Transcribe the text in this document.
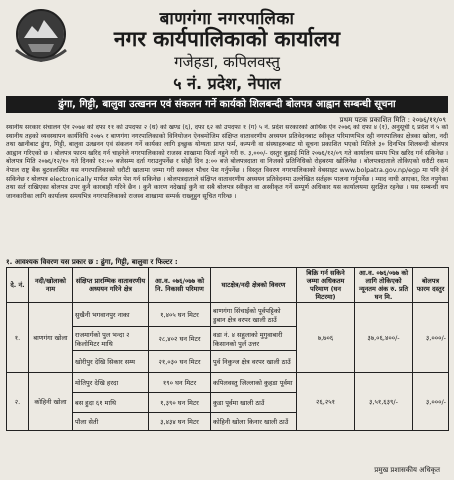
बाणगंगा नगरपालिका
नगर कार्यपालिकाको कार्यालय
गजेहडा, कपिलवस्तु
५ नं. प्रदेश, नेपाल
ढुंगा, गिट्टी, बालुवा उत्खनन एवं संकलन गर्ने कार्यको शिलबन्दी बोलपत्र आह्वान सम्बन्धी सूचना
प्रथम पटक प्रकाशित मिति : २०७६/११/०९
स्थानीय सरकार संचालन ऐन २०७४ को दफा ११ को उपदफा २ (ध) को खण्ड (६), दफा ६२ को उपदफा १ (ग) ५ नं. प्रदेश सरकारको आर्थिक ऐन २०७६ को दफा ४ (१), अनुसूची ६ प्रदेश नं ५ को स्थानीय तहको व्यवस्थापन कार्यविधि २०७५ र बाणगंगा नगरपालिकाको विनियोजन ऐनबमोजिम संक्षिप्त वातावरणीय अध्ययन प्रतिवेदनबाट स्वीकृत परिमाणभित्र रही नगरपालिका क्षेत्रका खोला, नदी तथा खानीबाट ढुंगा, गिट्टी, बालुवा उत्खनन एवं संकलन गर्ने कार्यका लागि इच्छुक योग्यता प्राप्त फर्म, कम्पनी वा संस्थाहरूबाट यो सूचना प्रकाशित भएको मितिले ३० दिनभित्र शिलबन्दी बोलपत्र आह्वान गरिएको छ । बोलपत्र फारम खरिद गर्न चाहनेले नगरपालिकाको राजस्व शाखामा फिर्ता नहुने गरी रु. ३,०००/- दस्तुर बुझाई मिति २०७६/१२/०९ गते कार्यालय समय भित्र खरिद गर्न सकिनेछ । बोलपत्र मिति २०७६/१२/१० गते दिनको १२:०० बजेसम्म दर्ता गराउनुपर्नेछ र सोही दिन ३:०० बजे बोलपत्रदाता वा निजको प्रतिनिधिको रोहबरमा खोलिनेछ । बोलपत्रदाताले तोकिएको धरौटी रकम नेपाल राष्ट्र बैंक बुटवलस्थित यस नगरपालिकाको धरौटी खातामा जम्मा गरी सक्कल भौचर पेश गर्नुपर्नेछ । विस्तृत विवरण नगरपालिकाको वेबसाइट www.bolpatra.gov.np/egp मा पनि हेर्न सकिनेछ र बोलपत्र electronically मार्फत समेत पेश गर्न सकिनेछ । बोलपत्रदाताले संक्षिप्त वातावरणीय अध्ययन प्रतिवेदनमा उल्लेखित सर्तहरू पालना गर्नुपर्नेछ । म्याद नाघी आएका, रित नपुगेका तथा सर्त राखिएका बोलपत्र उपर कुनै कारबाही गरिने छैन । कुनै कारण नदेखाई कुनै वा सबै बोलपत्र स्वीकृत वा अस्वीकृत गर्ने सम्पूर्ण अधिकार यस कार्यालयमा सुरक्षित रहनेछ । यस सम्बन्धी थप जानकारीका लागि कार्यालय समयभित्र नगरपालिकाको राजस्व शाखामा सम्पर्क राख्नुहुन सूचित गरिन्छ ।
१. आवश्यक विवरण यस प्रकार छ : ढुंगा, गिट्टी, बालुवा र फिल्टर :
दे. नं.	नदी/खोलाको नाम	संक्षिप्त प्रारम्भिक वातावरणीय अध्ययन गरिने क्षेत्र	आ.व. ०७६/०७७ को नि. निकासी परिमाण	घाटक्षेत्र/नदी क्षेत्रको विवरण	बिक्रि गर्न सकिने जम्मा अधिकतम परिमाण (घन मिटरमा)	आ.व. ०७६/०७७ को लागि तोकिएको न्यूनतम अंक रु. प्रति घन मि.	बोलपत्र फारम दस्तुर
१.	बाणगंगा खोला	सुखैनी भगवानपुर नाका	१,४०५ घन मिटर	बाणगंगा सिंचाईको पूर्वपट्टिको डुबान क्षेत्र वरपर खाली ठाउँ	७,७०६	३७,०६,४००/-	३,०००/-
		राजमार्गको पुल भन्दा २ किलोमिटर माथि	२८,४०२ घन मिटर	वडा नं. ४ सहुलाको मुगुवाबारी किसानको पुर्ल उत्तर			
		खोरीपुर देखि सिकार सम्म	२१,०३० घन मिटर	पुर्व निकुन्ज क्षेत्र वरपर खाली ठाउँ			
२.	कोहिनी खोला	मोतिपुर देखि हरदा	१९० घन मिटर	कपिलवस्तु जिल्लाको कुहडा पूर्वमा	२६,२५१	३,५१,६३९/-	३,०००/-
		बस हुदा ६१ माथि	१,३९० घन मिटर	कुडा पूर्वमा खाली ठाउँ			
		पौला सेती	३,४३४ घन मिटर	कोहिनी खोला किनार खाली ठाउँ			
प्रमुख प्रशासकीय अधिकृत
